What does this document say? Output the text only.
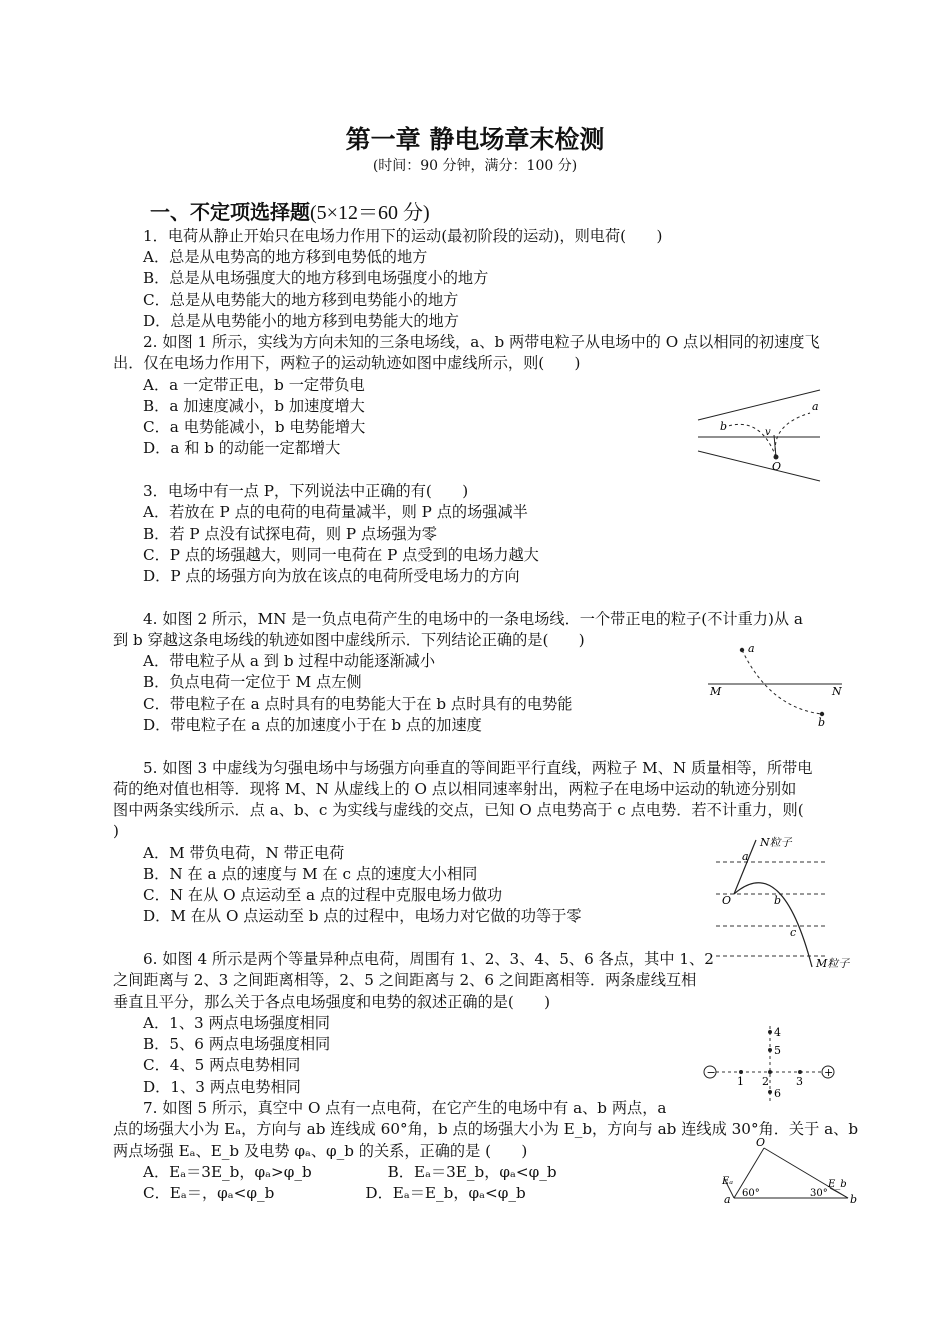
第一章 静电场章末检测
(时间：90 分钟，满分：100 分)
一、不定项选择题(5×12＝60 分)
1．电荷从静止开始只在电场力作用下的运动(最初阶段的运动)，则电荷(　　)
A．总是从电势高的地方移到电势低的地方
B．总是从电场强度大的地方移到电场强度小的地方
C．总是从电势能大的地方移到电势能小的地方
D．总是从电势能小的地方移到电势能大的地方
2. 如图 1 所示，实线为方向未知的三条电场线，a、b 两带电粒子从电场中的 O 点以相同的初速度飞
出．仅在电场力作用下，两粒子的运动轨迹如图中虚线所示，则(　　)
A．a 一定带正电，b 一定带负电
B．a 加速度减小，b 加速度增大
C．a 电势能减小，b 电势能增大
D．a 和 b 的动能一定都增大
a
b	v
O
3．电场中有一点 P，下列说法中正确的有(　　)
A．若放在 P 点的电荷的电荷量减半，则 P 点的场强减半
B．若 P 点没有试探电荷，则 P 点场强为零
C．P 点的场强越大，则同一电荷在 P 点受到的电场力越大
D．P 点的场强方向为放在该点的电荷所受电场力的方向
4. 如图 2 所示，MN 是一负点电荷产生的电场中的一条电场线．一个带正电的粒子(不计重力)从 a
到 b 穿越这条电场线的轨迹如图中虚线所示．下列结论正确的是(　　)
A．带电粒子从 a 到 b 过程中动能逐渐减小
B．负点电荷一定位于 M 点左侧
C．带电粒子在 a 点时具有的电势能大于在 b 点时具有的电势能
D．带电粒子在 a 点的加速度小于在 b 点的加速度
a
b
M	N
5. 如图 3 中虚线为匀强电场中与场强方向垂直的等间距平行直线，两粒子 M、N 质量相等，所带电
荷的绝对值也相等．现将 M、N 从虚线上的 O 点以相同速率射出，两粒子在电场中运动的轨迹分别如
图中两条实线所示．点 a、b、c 为实线与虚线的交点，已知 O 点电势高于 c 点电势．若不计重力，则(
)
A．M 带负电荷，N 带正电荷
B．N 在 a 点的速度与 M 在 c 点的速度大小相同
C．N 在从 O 点运动至 a 点的过程中克服电场力做功
D．M 在从 O 点运动至 b 点的过程中，电场力对它做的功等于零
N粒子
M粒子
O
a
b
c
6. 如图 4 所示是两个等量异种点电荷，周围有 1、2、3、4、5、6 各点，其中 1、2
之间距离与 2、3 之间距离相等，2、5 之间距离与 2、6 之间距离相等．两条虚线互相
垂直且平分，那么关于各点电场强度和电势的叙述正确的是(　　)
A．1、3 两点电场强度相同
B．5、6 两点电场强度相同
C．4、5 两点电势相同
D．1、3 两点电势相同
−	+
1 2 3
4
5
6
7. 如图 5 所示，真空中 O 点有一点电荷，在它产生的电场中有 a、b 两点，a
点的场强大小为 Eₐ，方向与 ab 连线成 60°角，b 点的场强大小为 E_b，方向与 ab 连线成 30°角．关于 a、b
两点场强 Eₐ、E_b 及电势 φₐ、φ_b 的关系，正确的是 (　　)
A．Eₐ＝3E_b，φₐ>φ_b　　　　　B．Eₐ＝3E_b，φₐ<φ_b
C．Eₐ＝，φₐ<φ_b　　　　　　D．Eₐ＝E_b，φₐ<φ_b
O
Eₐ	E_b
a	b
60°	30°
